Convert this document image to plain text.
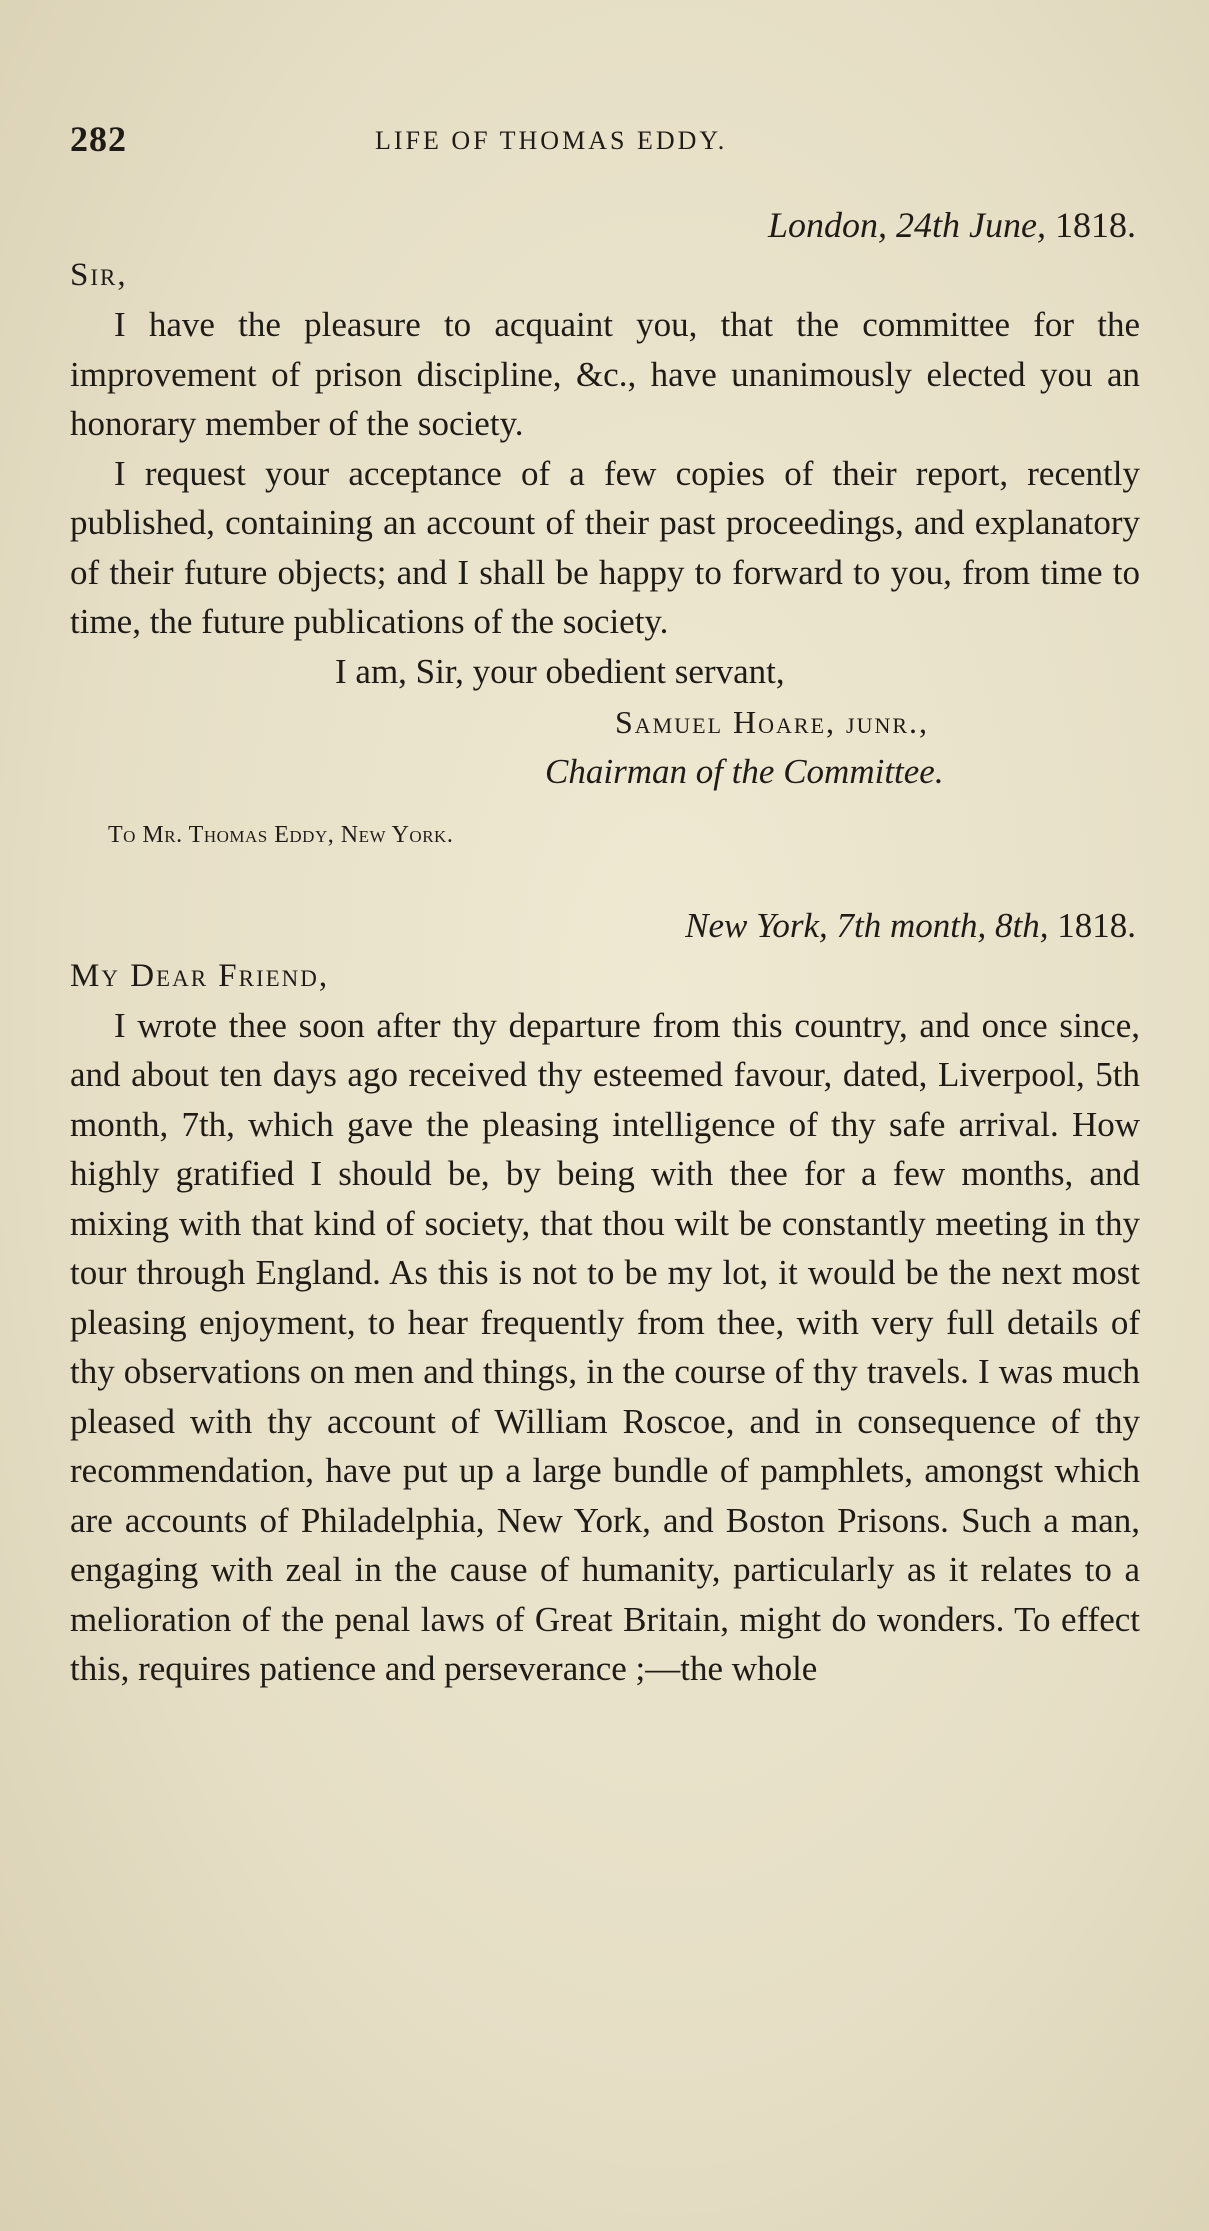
282	LIFE OF THOMAS EDDY.
London, 24th June, 1818.
Sir,

I have the pleasure to acquaint you, that the committee for the improvement of prison discipline, &c., have unanimously elected you an honorary member of the society.

I request your acceptance of a few copies of their report, recently published, containing an account of their past proceedings, and explanatory of their future objects; and I shall be happy to forward to you, from time to time, the future publications of the society.

I am, Sir, your obedient servant,
Samuel Hoare, junr.,
Chairman of the Committee.
To Mr. Thomas Eddy, New York.
New York, 7th month, 8th, 1818.
My Dear Friend,

I wrote thee soon after thy departure from this country, and once since, and about ten days ago received thy esteemed favour, dated, Liverpool, 5th month, 7th, which gave the pleasing intelligence of thy safe arrival. How highly gratified I should be, by being with thee for a few months, and mixing with that kind of society, that thou wilt be constantly meeting in thy tour through England. As this is not to be my lot, it would be the next most pleasing enjoyment, to hear frequently from thee, with very full details of thy observations on men and things, in the course of thy travels. I was much pleased with thy account of William Roscoe, and in consequence of thy recommendation, have put up a large bundle of pamphlets, amongst which are accounts of Philadelphia, New York, and Boston Prisons. Such a man, engaging with zeal in the cause of humanity, particularly as it relates to a melioration of the penal laws of Great Britain, might do wonders. To effect this, requires patience and perseverance ;—the whole
